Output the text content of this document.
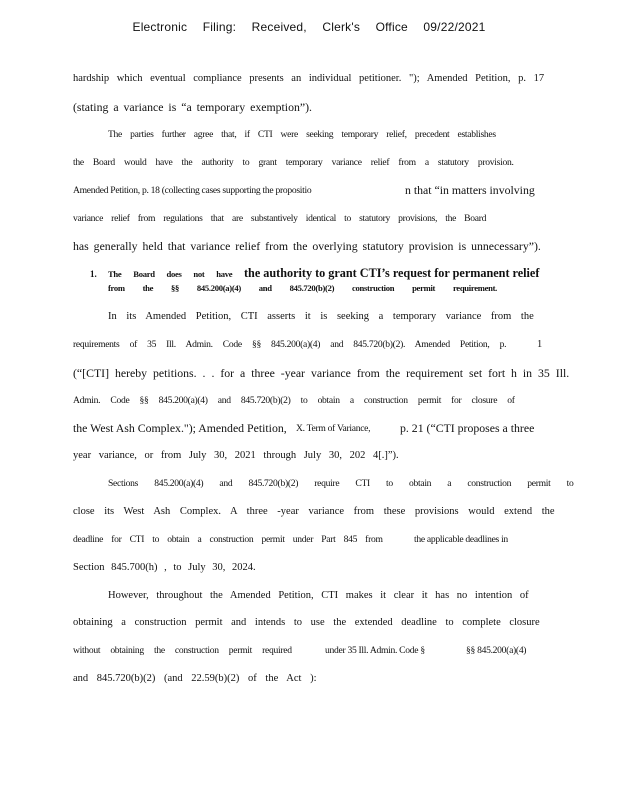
Electronic Filing: Received, Clerk's Office 09/22/2021
hardship which eventual compliance presents an individual petitioner. "); Amended Petition, p. 17
(stating a variance is “a temporary exemption”).
The parties further agree that, if CTI were seeking temporary relief, precedent establishes
the Board would have the authority to grant temporary variance relief from a statutory provision.
Amended Petition, p. 18 (collecting cases supporting the propositio	n that “in matters involving
variance relief from regulations that are substantively identical to statutory provisions, the Board
has generally held that variance relief from the overlying statutory provision is unnecessary”).
1. The Board does not have the authority to grant CTI’s request for permanent relief
from the §§ 845.200(a)(4) and 845.720(b)(2) construction permit requirement.
In its Amended Petition, CTI asserts it is seeking a temporary variance from the
requirements of 35 Ill. Admin. Code §§ 845.200(a)(4) and 845.720(b)(2). Amended Petition, p.	1
(“[CTI] hereby petitions. . . for a three -year variance from the requirement set fort h in 35 Ill.
Admin. Code §§ 845.200(a)(4) and 845.720(b)(2) to obtain a construction permit for closure of
the West Ash Complex."); Amended Petition, X. Term of Variance,	p. 21 (“CTI proposes a three
year variance, or from July 30, 2021 through July 30, 202 4[.]”).
Sections 845.200(a)(4) and 845.720(b)(2) require CTI to obtain a construction permit to
close its West Ash Complex. A three -year variance from these provisions would extend the
deadline for CTI to obtain a construction permit under Part 845 from	the applicable deadlines in
Section 845.700(h) , to July 30, 2024.
However, throughout the Amended Petition, CTI makes it clear it has no intention of
obtaining a construction permit and intends to use the extended deadline to complete closure
without obtaining the construction permit required	under 35 Ill. Admin. Code §	§§ 845.200(a)(4)
and 845.720(b)(2) (and 22.59(b)(2) of the Act ):
